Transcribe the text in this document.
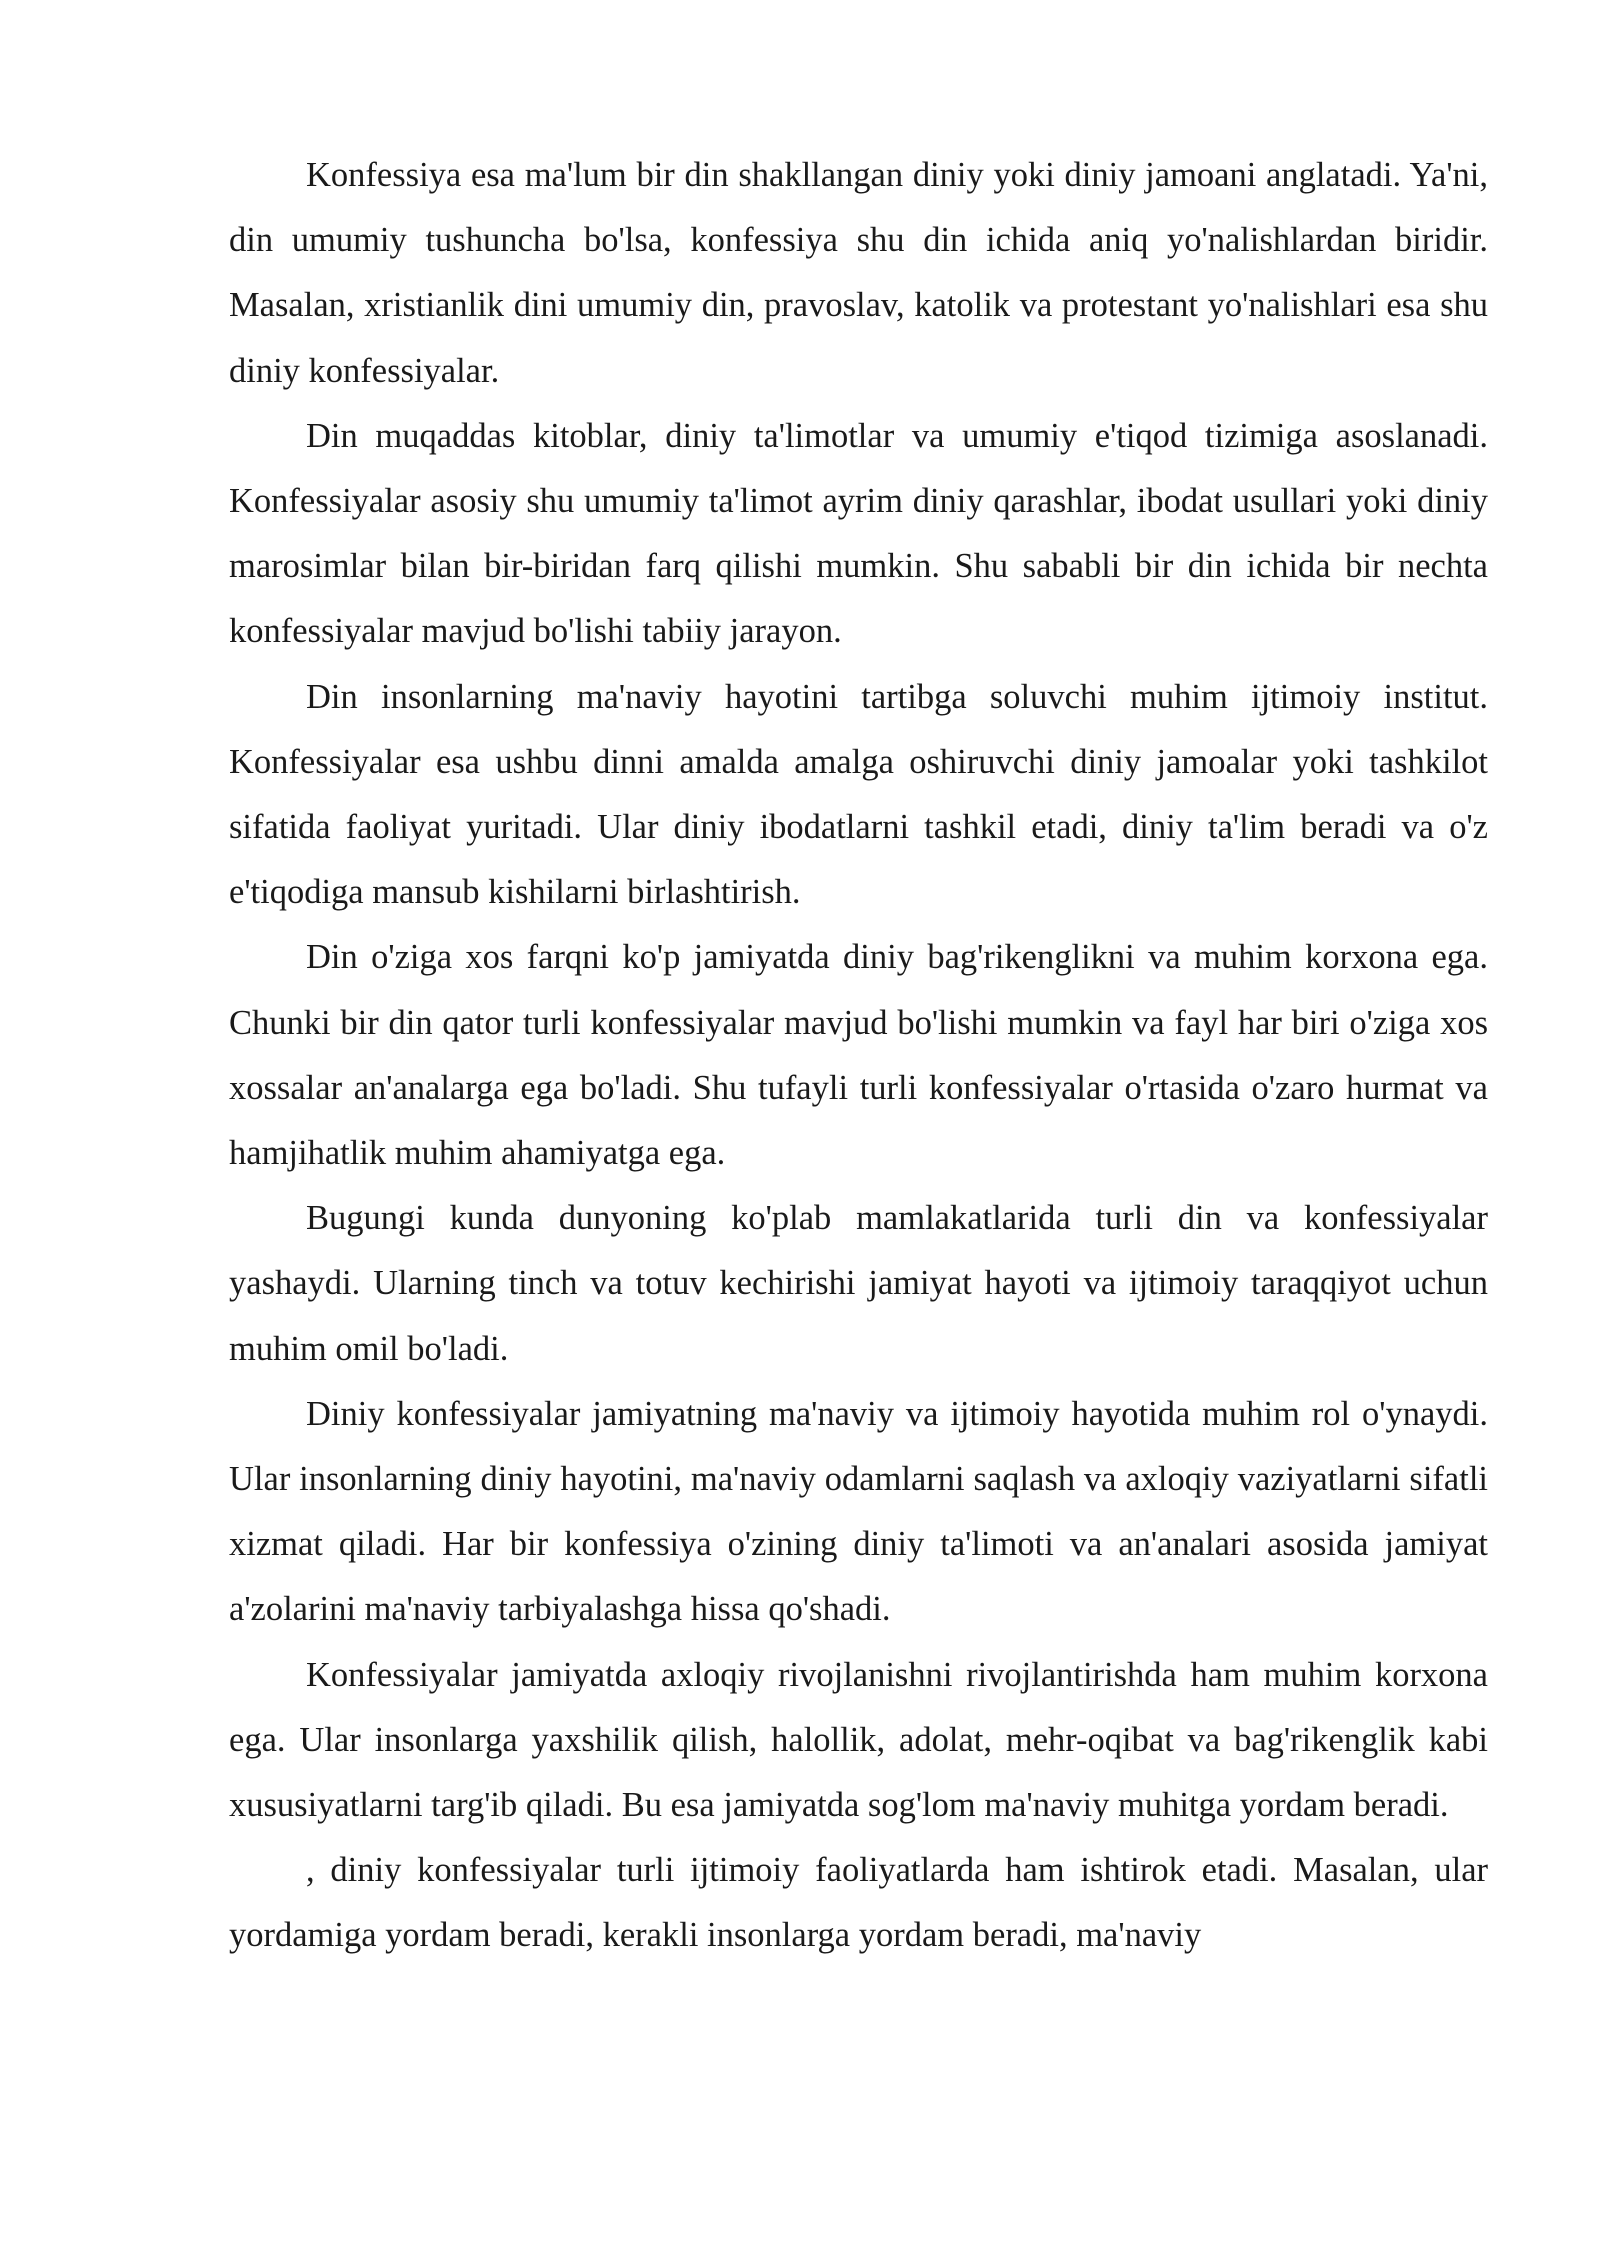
Konfessiya esa ma'lum bir din shakllangan diniy yoki diniy jamoani anglatadi. Ya'ni, din umumiy tushuncha bo'lsa, konfessiya shu din ichida aniq yo'nalishlardan biridir. Masalan, xristianlik dini umumiy din, pravoslav, katolik va protestant yo'nalishlari esa shu diniy konfessiyalar.

Din muqaddas kitoblar, diniy ta'limotlar va umumiy e'tiqod tizimiga asoslanadi. Konfessiyalar asosiy shu umumiy ta'limot ayrim diniy qarashlar, ibodat usullari yoki diniy marosimlar bilan bir-biridan farq qilishi mumkin. Shu sababli bir din ichida bir nechta konfessiyalar mavjud bo'lishi tabiiy jarayon.

Din insonlarning ma'naviy hayotini tartibga soluvchi muhim ijtimoiy institut. Konfessiyalar esa ushbu dinni amalda amalga oshiruvchi diniy jamoalar yoki tashkilot sifatida faoliyat yuritadi. Ular diniy ibodatlarni tashkil etadi, diniy ta'lim beradi va o'z e'tiqodiga mansub kishilarni birlashtirish.

Din o'ziga xos farqni ko'p jamiyatda diniy bag'rikenglikni va muhim korxona ega. Chunki bir din qator turli konfessiyalar mavjud bo'lishi mumkin va fayl har biri o'ziga xos xossalar an'analarga ega bo'ladi. Shu tufayli turli konfessiyalar o'rtasida o'zaro hurmat va hamjihatlik muhim ahamiyatga ega.

Bugungi kunda dunyoning ko'plab mamlakatlarida turli din va konfessiyalar yashaydi. Ularning tinch va totuv kechirishi jamiyat hayoti va ijtimoiy taraqqiyot uchun muhim omil bo'ladi.

Diniy konfessiyalar jamiyatning ma'naviy va ijtimoiy hayotida muhim rol o'ynaydi. Ular insonlarning diniy hayotini, ma'naviy odamlarni saqlash va axloqiy vaziyatlarni sifatli xizmat qiladi. Har bir konfessiya o'zining diniy ta'limoti va an'analari asosida jamiyat a'zolarini ma'naviy tarbiyalashga hissa qo'shadi.

Konfessiyalar jamiyatda axloqiy rivojlanishni rivojlantirishda ham muhim korxona ega. Ular insonlarga yaxshilik qilish, halollik, adolat, mehr-oqibat va bag'rikenglik kabi xususiyatlarni targ'ib qiladi. Bu esa jamiyatda sog'lom ma'naviy muhitga yordam beradi.

, diniy konfessiyalar turli ijtimoiy faoliyatlarda ham ishtirok etadi. Masalan, ular yordamiga yordam beradi, kerakli insonlarga yordam beradi, ma'naviy
